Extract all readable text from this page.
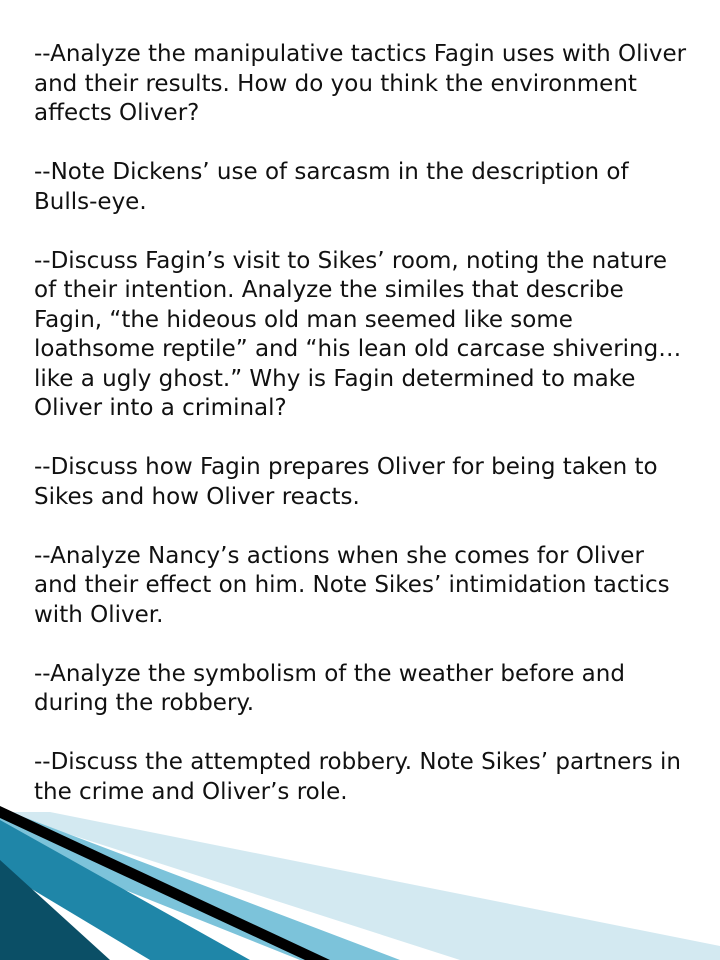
--Analyze the manipulative tactics Fagin uses with Oliver and their results. How do you think the environment affects Oliver?

--Note Dickens’ use of sarcasm in the description of Bulls-eye.

--Discuss Fagin’s visit to Sikes’ room, noting the nature of their intention. Analyze the similes that describe Fagin, “the hideous old man seemed like some loathsome reptile” and “his lean old carcase shivering… like a ugly ghost.” Why is Fagin determined to make Oliver into a criminal?

--Discuss how Fagin prepares Oliver for being taken to Sikes and how Oliver reacts.

--Analyze Nancy’s actions when she comes for Oliver and their effect on him. Note Sikes’ intimidation tactics with Oliver.

--Analyze the symbolism of the weather before and during the robbery.

--Discuss the attempted robbery. Note Sikes’ partners in the crime and Oliver’s role.
